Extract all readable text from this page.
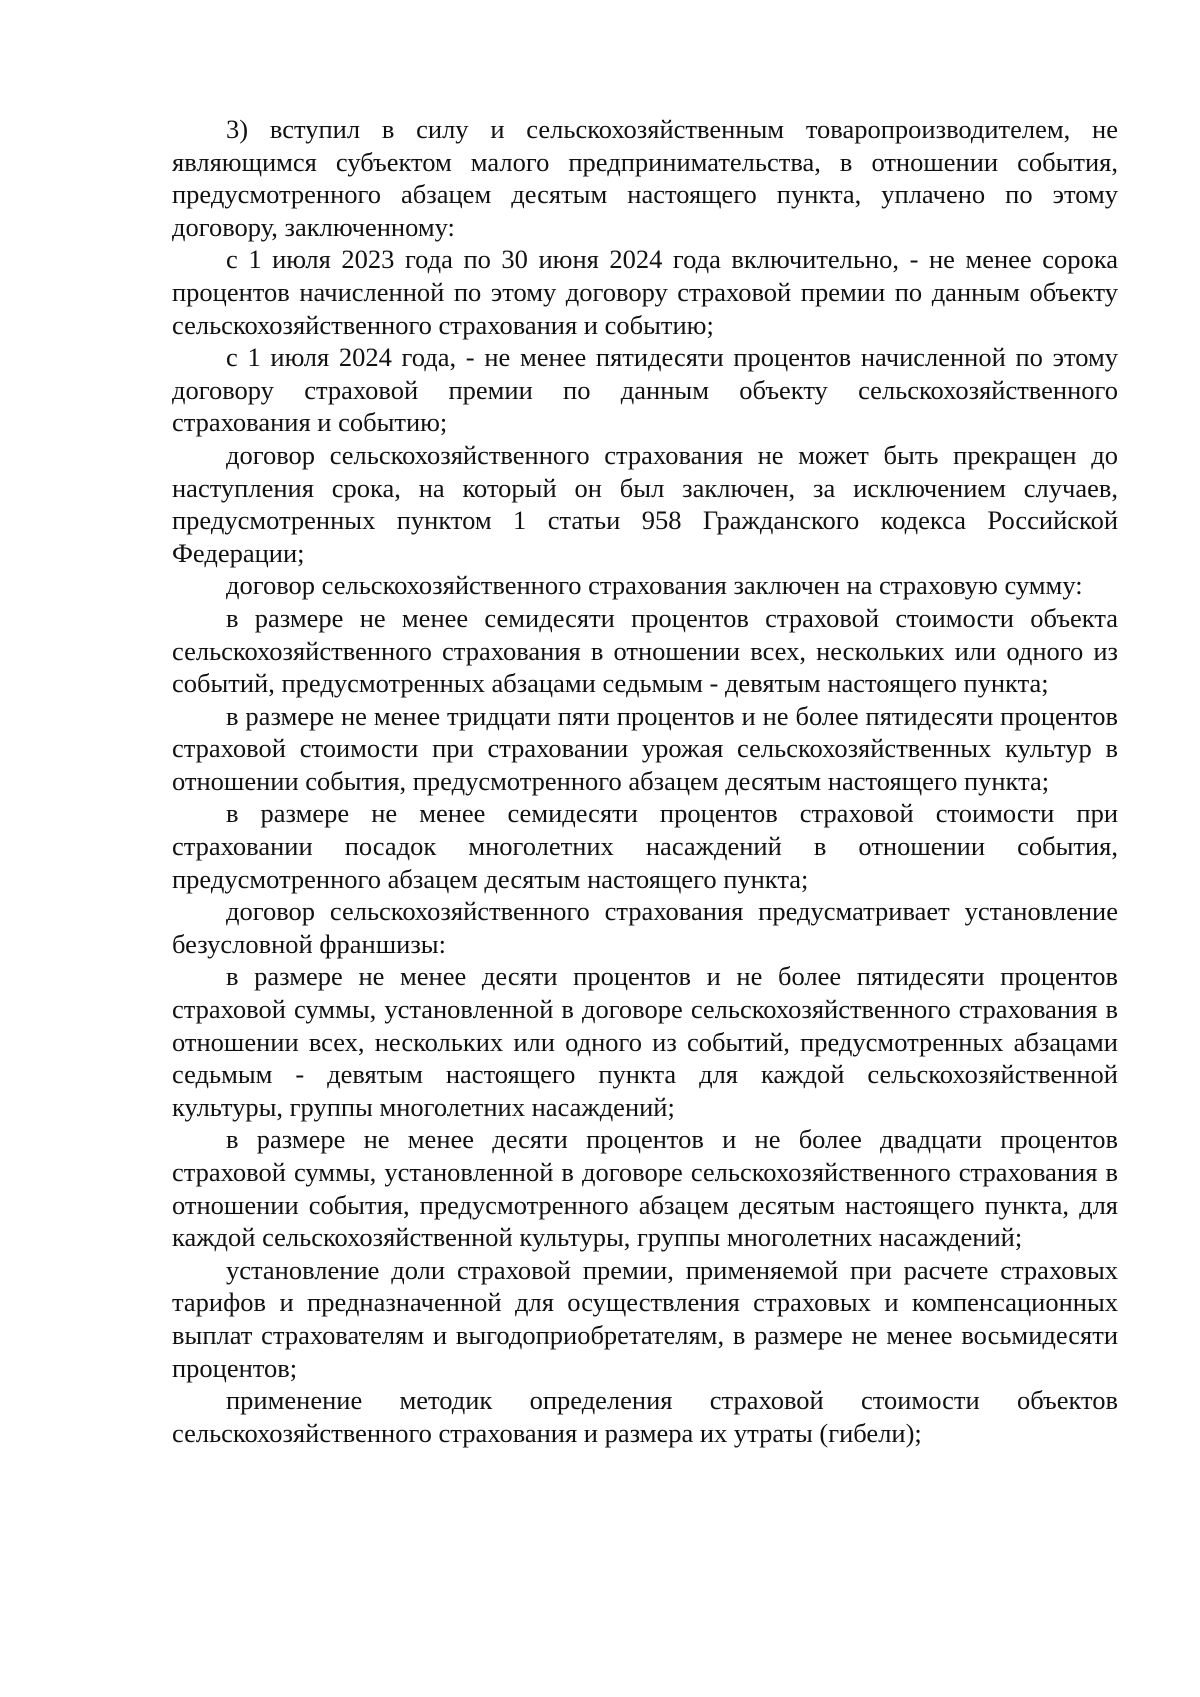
3) вступил в силу и сельскохозяйственным товаропроизводителем, не являющимся субъектом малого предпринимательства, в отношении события, предусмотренного абзацем десятым настоящего пункта, уплачено по этому договору, заключенному:

с 1 июля 2023 года по 30 июня 2024 года включительно, - не менее сорока процентов начисленной по этому договору страховой премии по данным объекту сельскохозяйственного страхования и событию;

с 1 июля 2024 года, - не менее пятидесяти процентов начисленной по этому договору страховой премии по данным объекту сельскохозяйственного страхования и событию;

договор сельскохозяйственного страхования не может быть прекращен до наступления срока, на который он был заключен, за исключением случаев, предусмотренных пунктом 1 статьи 958 Гражданского кодекса Российской Федерации;

договор сельскохозяйственного страхования заключен на страховую сумму:

в размере не менее семидесяти процентов страховой стоимости объекта сельскохозяйственного страхования в отношении всех, нескольких или одного из событий, предусмотренных абзацами седьмым - девятым настоящего пункта;

в размере не менее тридцати пяти процентов и не более пятидесяти процентов страховой стоимости при страховании урожая сельскохозяйственных культур в отношении события, предусмотренного абзацем десятым настоящего пункта;

в размере не менее семидесяти процентов страховой стоимости при страховании посадок многолетних насаждений в отношении события, предусмотренного абзацем десятым настоящего пункта;

договор сельскохозяйственного страхования предусматривает установление безусловной франшизы:

в размере не менее десяти процентов и не более пятидесяти процентов страховой суммы, установленной в договоре сельскохозяйственного страхования в отношении всех, нескольких или одного из событий, предусмотренных абзацами седьмым - девятым настоящего пункта для каждой сельскохозяйственной культуры, группы многолетних насаждений;

в размере не менее десяти процентов и не более двадцати процентов страховой суммы, установленной в договоре сельскохозяйственного страхования в отношении события, предусмотренного абзацем десятым настоящего пункта, для каждой сельскохозяйственной культуры, группы многолетних насаждений;

установление доли страховой премии, применяемой при расчете страховых тарифов и предназначенной для осуществления страховых и компенсационных выплат страхователям и выгодоприобретателям, в размере не менее восьмидесяти процентов;

применение методик определения страховой стоимости объектов сельскохозяйственного страхования и размера их утраты (гибели);
